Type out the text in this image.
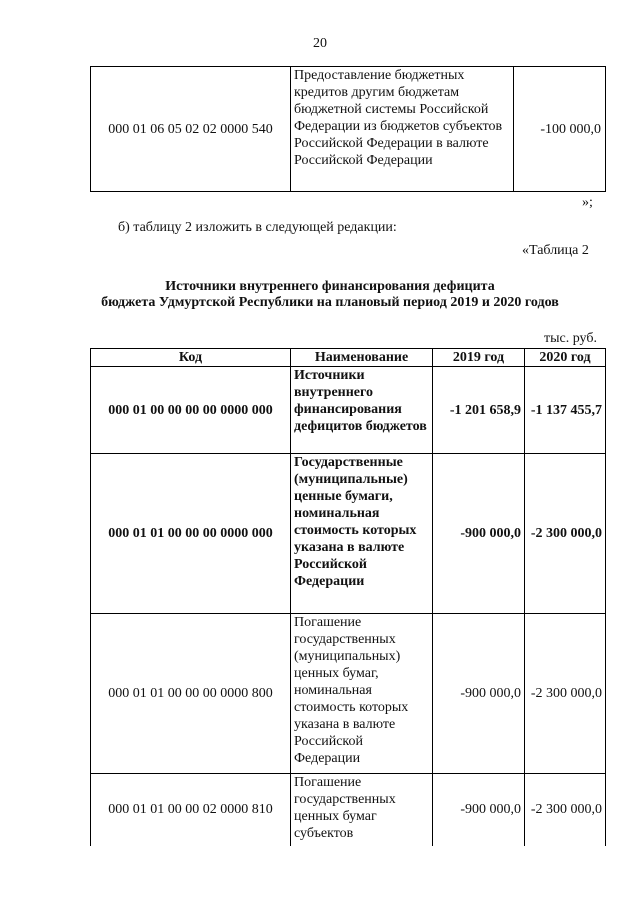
20
000 01 06 05 02 02 0000 540	Предоставление бюджетных кредитов другим бюджетам бюджетной системы Российской Федерации из бюджетов субъектов Российской Федерации в валюте Российской Федерации	-100 000,0
»;
б) таблицу 2 изложить в следующей редакции:
«Таблица 2
Источники внутреннего финансирования дефицита
бюджета Удмуртской Республики на плановый период 2019 и 2020 годов
тыс. руб.
Код	Наименование	2019 год	2020 год
000 01 00 00 00 00 0000 000	Источники внутреннего финансирования дефицитов бюджетов	-1 201 658,9	-1 137 455,7
000 01 01 00 00 00 0000 000	Государственные (муниципальные) ценные бумаги, номинальная стоимость которых указана в валюте Российской Федерации	-900 000,0	-2 300 000,0
000 01 01 00 00 00 0000 800	Погашение государственных (муниципальных) ценных бумаг, номинальная стоимость которых указана в валюте Российской Федерации	-900 000,0	-2 300 000,0
000 01 01 00 00 02 0000 810	Погашение государственных ценных бумаг субъектов	-900 000,0	-2 300 000,0
